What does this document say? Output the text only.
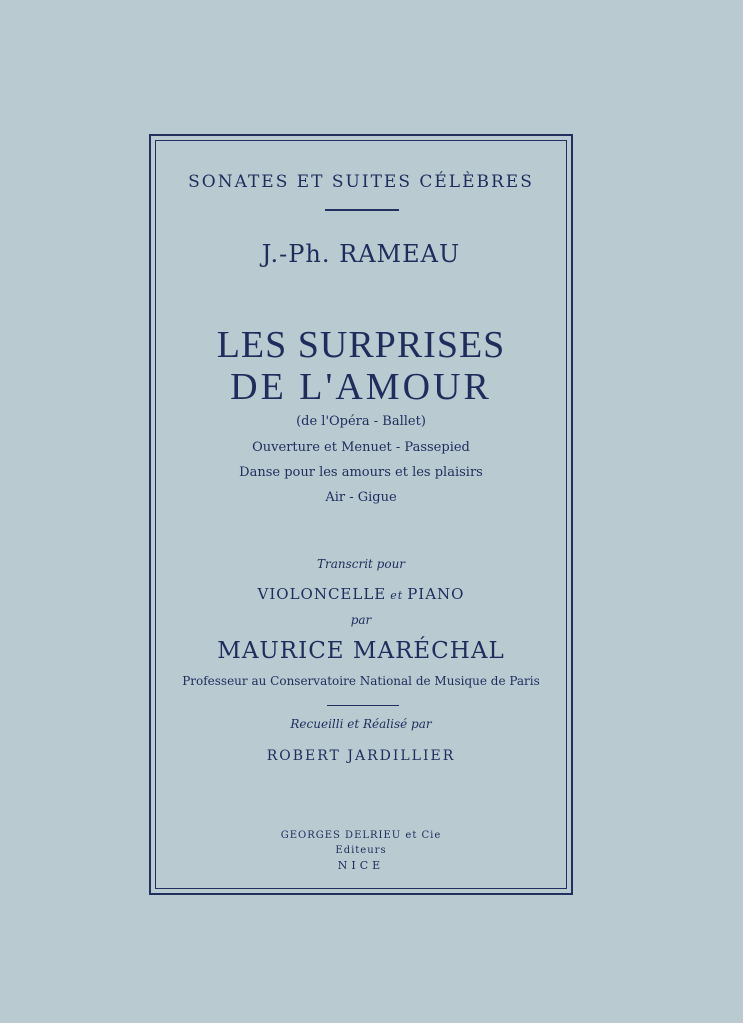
SONATES ET SUITES CÉLÈBRES
J.-Ph. RAMEAU
LES SURPRISES
DE L'AMOUR
(de l'Opéra - Ballet)
Ouverture et Menuet - Passepied
Danse pour les amours et les plaisirs
Air - Gigue
Transcrit pour
VIOLONCELLE et PIANO
par
MAURICE MARÉCHAL
Professeur au Conservatoire National de Musique de Paris
Recueilli et Réalisé par
ROBERT JARDILLIER
GEORGES DELRIEU et Cie
Editeurs
NICE
